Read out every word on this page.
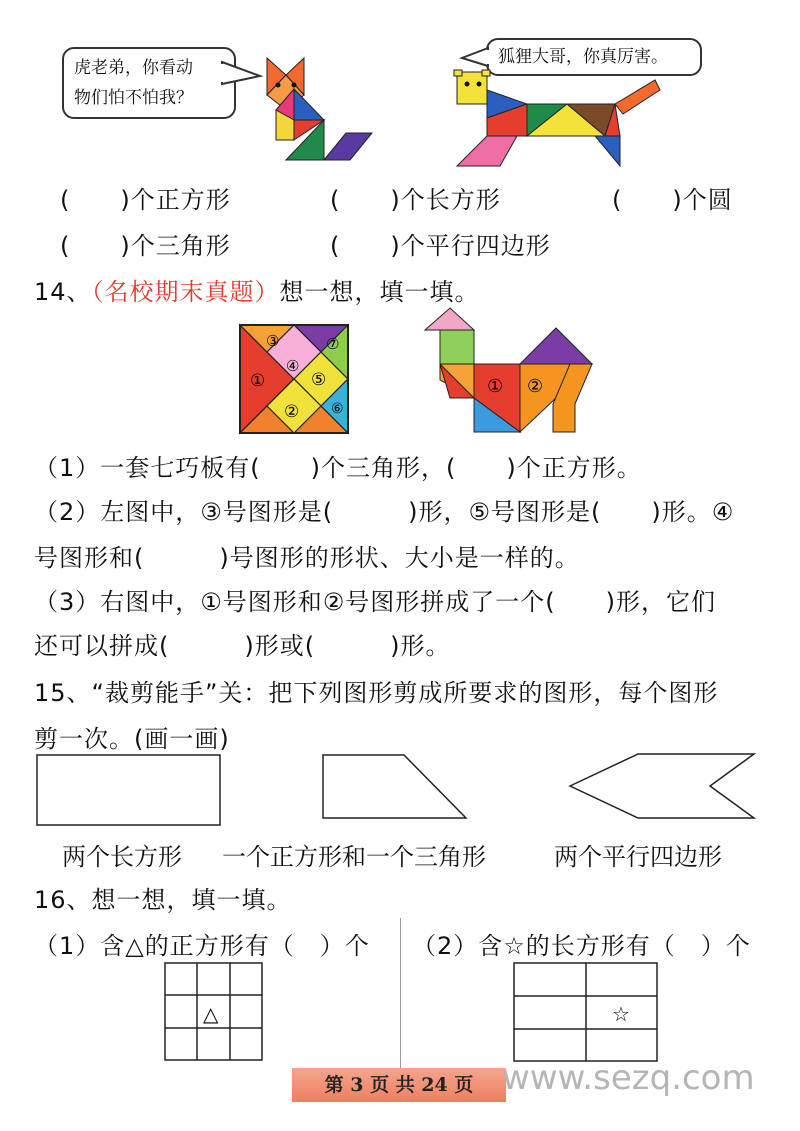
虎老弟，你看动
物们怕不怕我？
狐狸大哥，你真厉害。
(　　)个正方形	(　　)个长方形	(　　)个圆
(　　)个三角形	(　　)个平行四边形
14、（名校期末真题）想一想，填一填。
①
②
③
④
⑤
⑥
⑦
① ②
（1）一套七巧板有(　　)个三角形，(　　)个正方形。
（2）左图中，③号图形是(　　　)形，⑤号图形是(　　)形。④
号图形和(　　　)号图形的形状、大小是一样的。
（3）右图中，①号图形和②号图形拼成了一个(　　)形，它们
还可以拼成(　　　)形或(　　　)形。
15、“裁剪能手”关：把下列图形剪成所要求的图形，每个图形
剪一次。(画一画)
两个长方形 一个正方形和一个三角形	两个平行四边形
16、想一想，填一填。
（1）含△的正方形有（　）个 （2）含☆的长方形有（　）个
△	☆
第 3 页 共 24 页 www.sezq.com
